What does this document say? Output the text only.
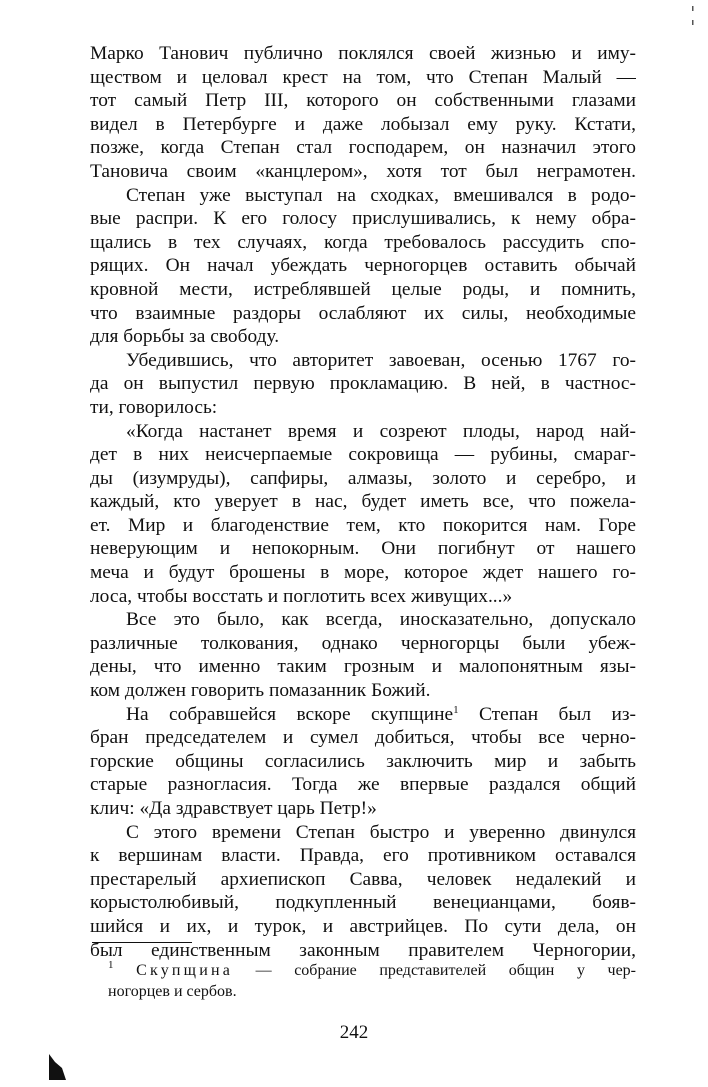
Марко Танович публично поклялся своей жизнью и иму-
ществом и целовал крест на том, что Степан Малый —
тот самый Петр III, которого он собственными глазами
видел в Петербурге и даже лобызал ему руку. Кстати,
позже, когда Степан стал господарем, он назначил этого
Тановича своим «канцлером», хотя тот был неграмотен.
Степан уже выступал на сходках, вмешивался в родо-
вые распри. К его голосу прислушивались, к нему обра-
щались в тех случаях, когда требовалось рассудить спо-
рящих. Он начал убеждать черногорцев оставить обычай
кровной мести, истреблявшей целые роды, и помнить,
что взаимные раздоры ослабляют их силы, необходимые
для борьбы за свободу.
Убедившись, что авторитет завоеван, осенью 1767 го-
да он выпустил первую прокламацию. В ней, в частнос-
ти, говорилось:
«Когда настанет время и созреют плоды, народ най-
дет в них неисчерпаемые сокровища — рубины, смараг-
ды (изумруды), сапфиры, алмазы, золото и серебро, и
каждый, кто уверует в нас, будет иметь все, что пожела-
ет. Мир и благоденствие тем, кто покорится нам. Горе
неверующим и непокорным. Они погибнут от нашего
меча и будут брошены в море, которое ждет нашего го-
лоса, чтобы восстать и поглотить всех живущих...»
Все это было, как всегда, иносказательно, допускало
различные толкования, однако черногорцы были убеж-
дены, что именно таким грозным и малопонятным язы-
ком должен говорить помазанник Божий.
На собравшейся вскоре скупщине$^1$ Степан был из-
бран председателем и сумел добиться, чтобы все черно-
горские общины согласились заключить мир и забыть
старые разногласия. Тогда же впервые раздался общий
клич: «Да здравствует царь Петр!»
С этого времени Степан быстро и уверенно двинулся
к вершинам власти. Правда, его противником оставался
престарелый архиепископ Савва, человек недалекий и
корыстолюбивый, подкупленный венецианцами, бояв-
шийся и их, и турок, и австрийцев. По сути дела, он
был единственным законным правителем Черногории,
$^1$ Скупщина — собрание представителей общин у чер-
ногорцев и сербов.
242
